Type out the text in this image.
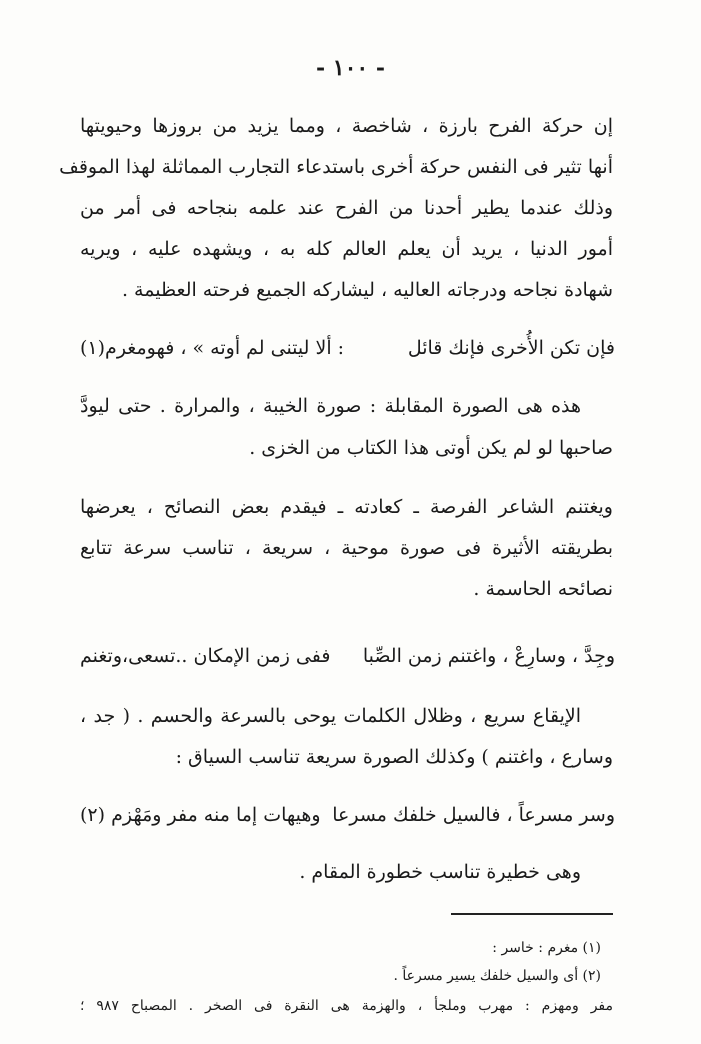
- ١٠٠ -
إن حركة الفرح بارزة ، شاخصة ، ومما يزيد من بروزها وحيويتها
أنها تثير فى النفس حركة أخرى باستدعاء التجارب المماثلة لهذا الموقف
وذلك عندما يطير أحدنا من الفرح عند علمه بنجاحه فى أمر من
أمور الدنيا ، يريد أن يعلم العالم كله به ، ويشهده عليه ، ويريه
شهادة نجاحه ودرجاته العاليه ، ليشاركه الجميع فرحته العظيمة .
فإن تكن الأُخرى فإنك قائل
: ألا ليتنى لم أوته » ، فهومغرم(١)
هذه هى الصورة المقابلة : صورة الخيبة ، والمرارة . حتى ليودَّ
صاحبها لو لم يكن أوتى هذا الكتاب من الخزى .
ويغتنم الشاعر الفرصة ـ كعادته ـ فيقدم بعض النصائح ، يعرضها
بطريقته الأثيرة فى صورة موحية ، سريعة ، تناسب سرعة تتابع
نصائحه الحاسمة .
وجِدَّ ، وسارِعْ ، واغتنم زمن الصِّبا
ففى زمن الإمكان ..تسعى،وتغنم
الإيقاع سريع ، وظلال الكلمات يوحى بالسرعة والحسم . ( جد ،
وسارع ، واغتنم ) وكذلك الصورة سريعة تناسب السياق :
وسر مسرعاً ، فالسيل خلفك مسرعا
وهيهات إما منه مفر ومَهْزم (٢)
وهى خطيرة تناسب خطورة المقام .
(١) مغرم : خاسر :
(٢) أى والسيل خلفك يسير مسرعاً .
مفر ومهزم : مهرب وملجأ ، والهزمة هى النقرة فى الصخر . المصباح ٩٨٧ ؛
